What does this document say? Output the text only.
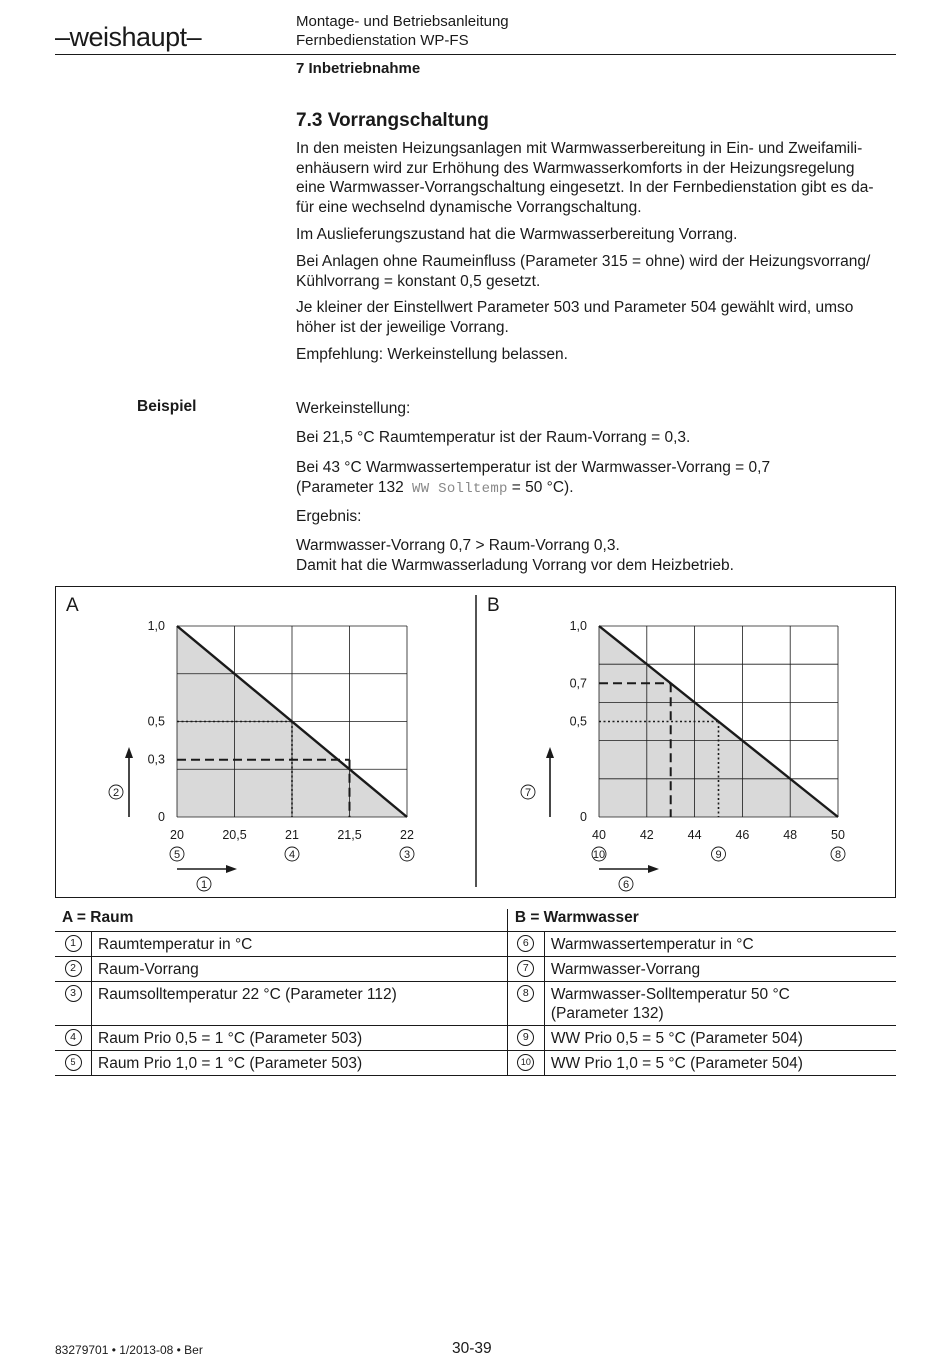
–weishaupt–
Montage- und Betriebsanleitung
Fernbedienstation WP-FS
7 Inbetriebnahme
7.3 Vorrangschaltung
In den meisten Heizungsanlagen mit Warmwasserbereitung in Ein- und Zweifamili-
enhäusern wird zur Erhöhung des Warmwasserkomforts in der Heizungsregelung
eine Warmwasser-Vorrangschaltung eingesetzt. In der Fernbedienstation gibt es da-
für eine wechselnd dynamische Vorrangschaltung.
Im Auslieferungszustand hat die Warmwasserbereitung Vorrang.
Bei Anlagen ohne Raumeinfluss (Parameter 315 = ohne) wird der Heizungsvorrang/
Kühlvorrang = konstant 0,5 gesetzt.
Je kleiner der Einstellwert Parameter 503 und Parameter 504 gewählt wird, umso
höher ist der jeweilige Vorrang.
Empfehlung: Werkeinstellung belassen.
Beispiel	Werkeinstellung:
Bei 21,5 °C Raumtemperatur ist der Raum-Vorrang = 0,3.
Bei 43 °C Warmwassertemperatur ist der Warmwasser-Vorrang = 0,7
(Parameter 132 WW Solltemp = 50 °C).
Ergebnis:
Warmwasser-Vorrang 0,7 > Raum-Vorrang 0,3.
Damit hat die Warmwasserladung Vorrang vor dem Heizbetrieb.
A
0
0,3
0,5
1,0
20	20,5	21	21,5	22
5	4	3
1
2
B
0
0,5
0,7
1,0
40	42	44	46	48	50
10	9	8
6
7
A = Raum		B = Warmwasser	
1	Raumtemperatur in °C	6	Warmwassertemperatur in °C
2	Raum-Vorrang	7	Warmwasser-Vorrang
3	Raumsolltemperatur 22 °C (Parameter 112)	8	Warmwasser-Solltemperatur 50 °C
(Parameter 132)

4	Raum Prio 0,5 = 1 °C (Parameter 503)	9	WW Prio 0,5 = 5 °C (Parameter 504)
5	Raum Prio 1,0 = 1 °C (Parameter 503)	10	WW Prio 1,0 = 5 °C (Parameter 504)
83279701 • 1/2013-08 • Ber	30-39
